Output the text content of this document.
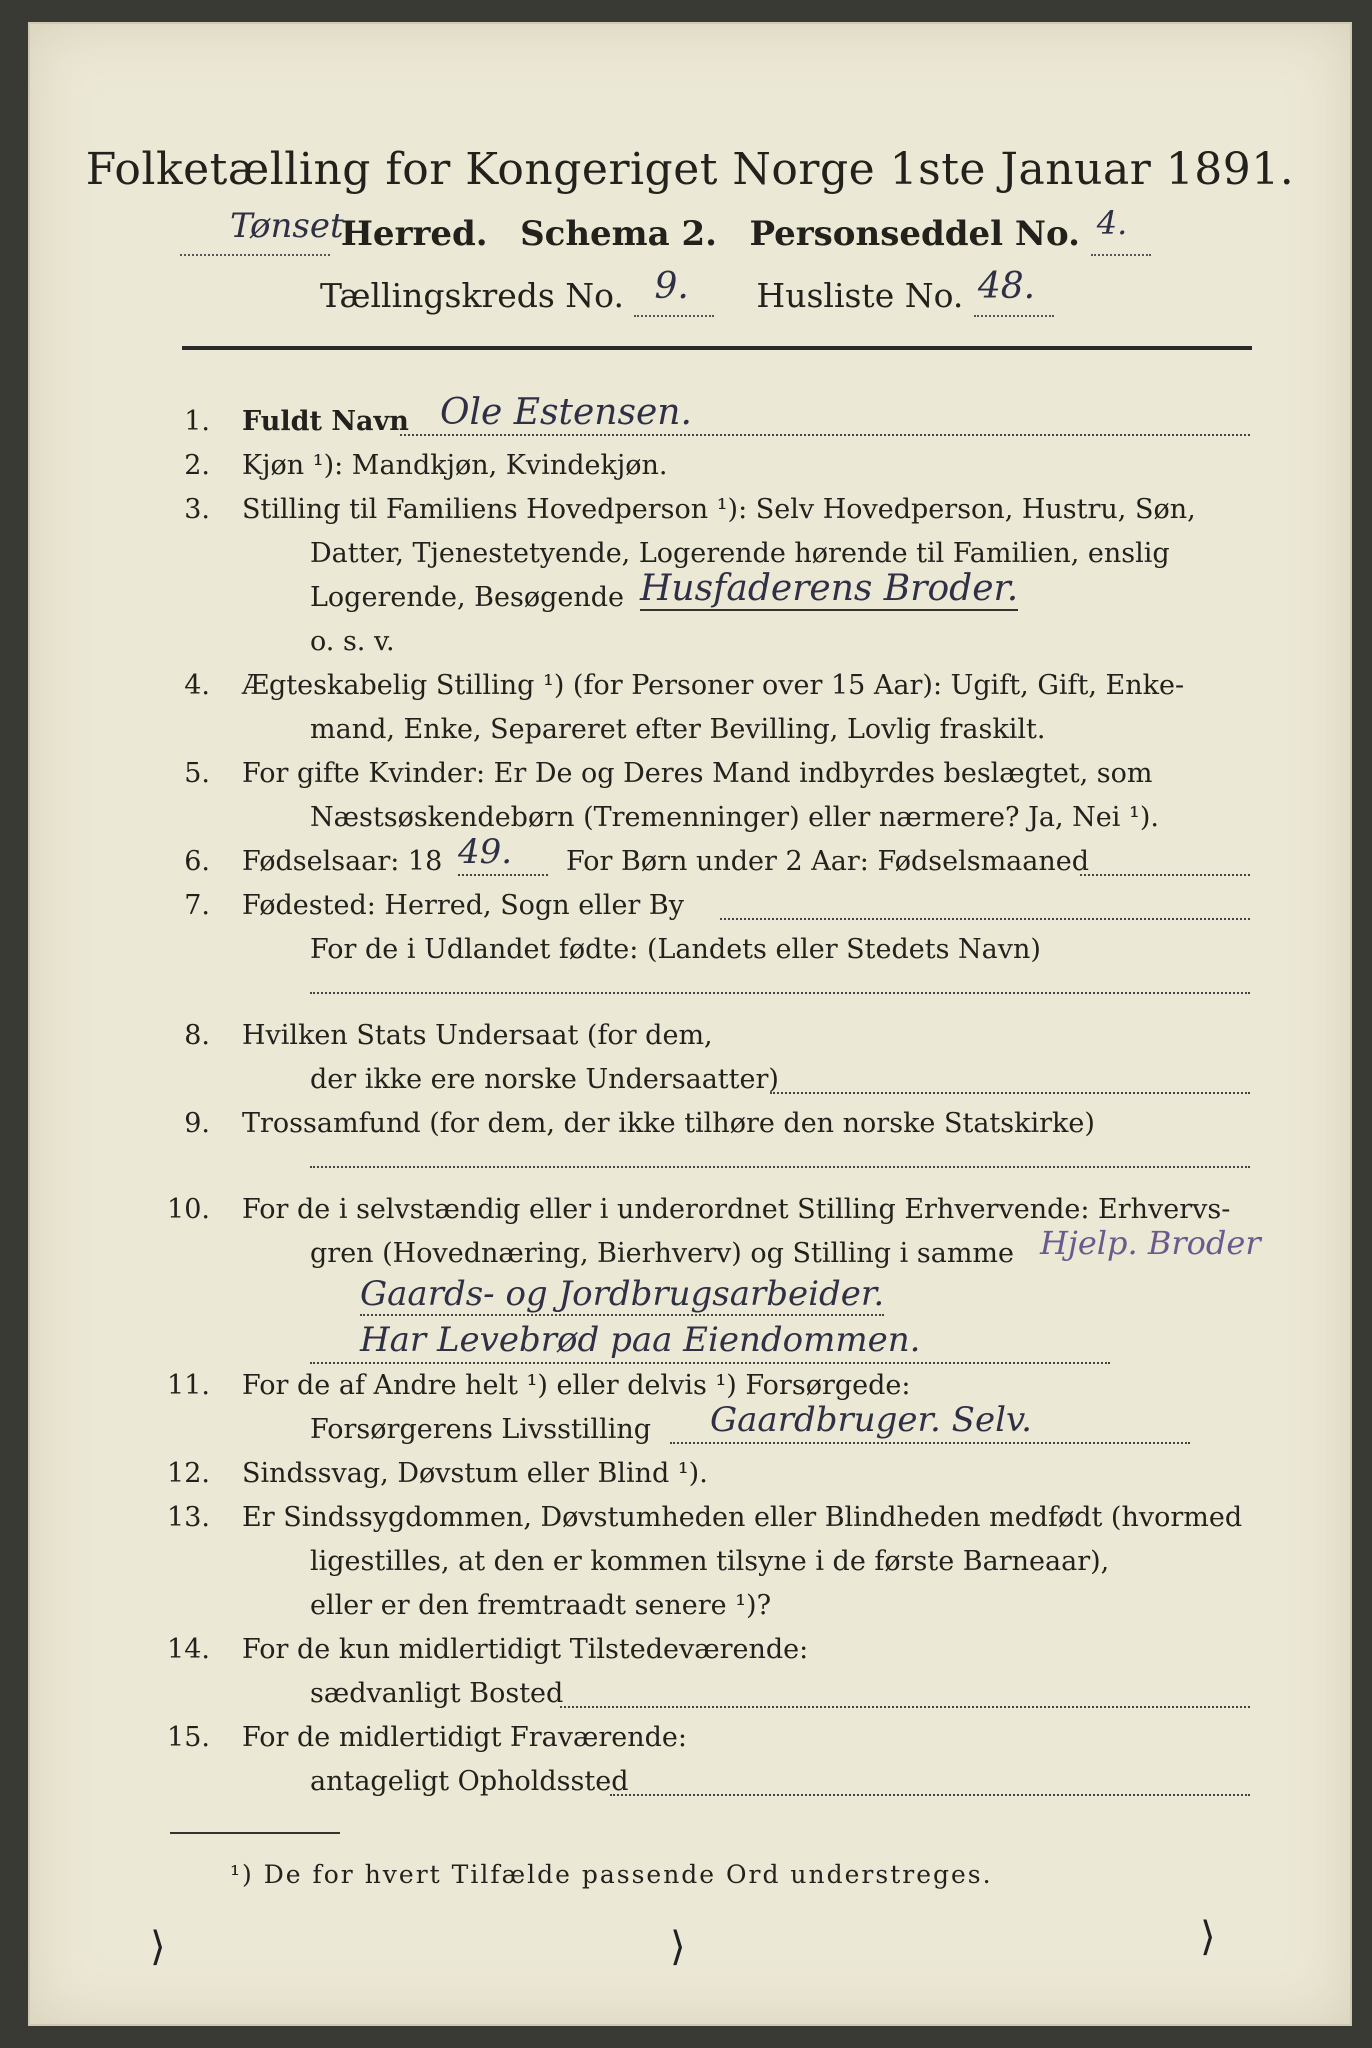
Folketælling for Kongeriget Norge 1ste Januar 1891.
Tønset
Herred. Schema 2. Personseddel No. 4.

Tællingskreds No. 9. Husliste No. 48.

1. Fuldt Navn Ole Estensen.
2. Kjøn ¹): Mandkjøn, Kvindekjøn.
3. Stilling til Familiens Hovedperson ¹): Selv Hovedperson, Hustru, Søn,
Datter, Tjenestetyende, Logerende hørende til Familien, enslig
Logerende, Besøgende Husfaderens Broder.
o. s. v.
4. Ægteskabelig Stilling ¹) (for Personer over 15 Aar): Ugift, Gift, Enke-
mand, Enke, Separeret efter Bevilling, Lovlig fraskilt.
5. For gifte Kvinder: Er De og Deres Mand indbyrdes beslægtet, som
Næstsøskendebørn (Tremenninger) eller nærmere? Ja, Nei ¹).
6. Fødselsaar: 18 49. For Børn under 2 Aar: Fødselsmaaned
7. Fødested: Herred, Sogn eller By
For de i Udlandet fødte: (Landets eller Stedets Navn)
8. Hvilken Stats Undersaat (for dem,
der ikke ere norske Undersaatter)
9. Trossamfund (for dem, der ikke tilhøre den norske Statskirke)
10. For de i selvstændig eller i underordnet Stilling Erhvervende: Erhvervs-
gren (Hovednæring, Bierhverv) og Stilling i samme Hjelp. Broder
Gaards- og Jordbrugsarbeider.
Har Levebrød paa Eiendommen.
11. For de af Andre helt ¹) eller delvis ¹) Forsørgede:
Forsørgerens Livsstilling Gaardbruger. Selv.
12. Sindssvag, Døvstum eller Blind ¹).
13. Er Sindssygdommen, Døvstumheden eller Blindheden medfødt (hvormed
ligestilles, at den er kommen tilsyne i de første Barneaar),
eller er den fremtraadt senere ¹)?
14. For de kun midlertidigt Tilstedeværende:
sædvanligt Bosted
15. For de midlertidigt Fraværende:
antageligt Opholdssted
¹) De for hvert Tilfælde passende Ord understreges.
⟩	⟩	⟩
